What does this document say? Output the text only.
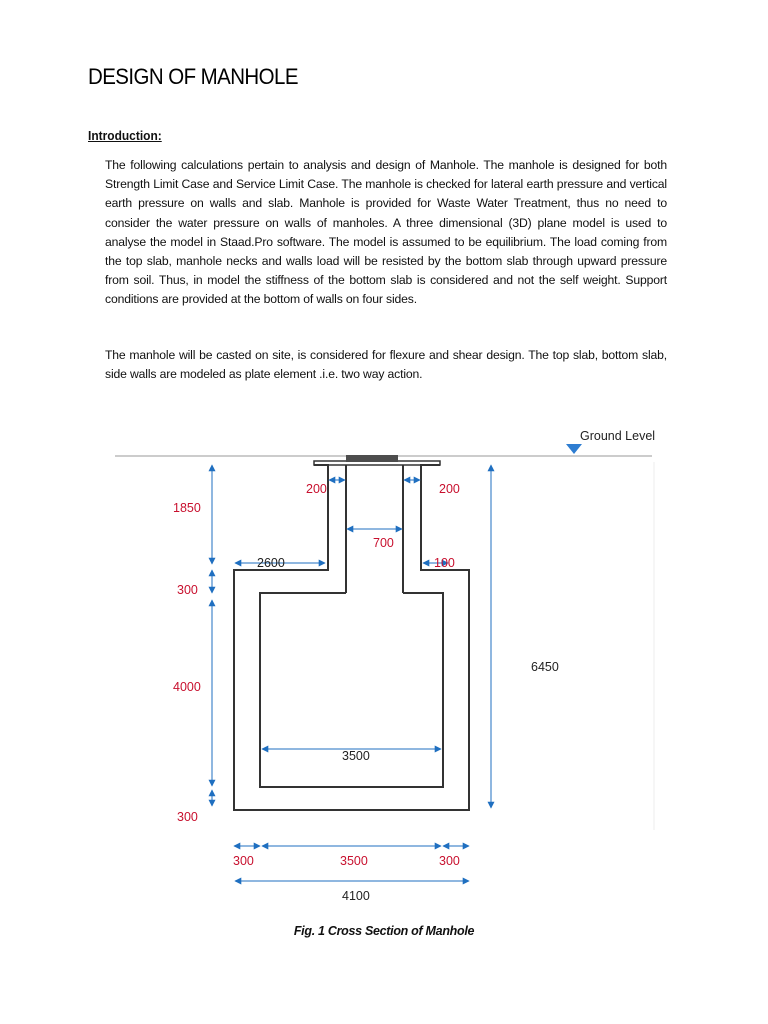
DESIGN OF MANHOLE
Introduction:

The following calculations pertain to analysis and design of Manhole. The manhole is designed for both Strength Limit Case and Service Limit Case. The manhole is checked for lateral earth pressure and vertical earth pressure on walls and slab. Manhole is provided for Waste Water Treatment, thus no need to consider the water pressure on walls of manholes. A three dimensional (3D) plane model is used to analyse the model in Staad.Pro software. The model is assumed to be equilibrium. The load coming from the top slab, manhole necks and walls load will be resisted by the bottom slab through upward pressure from soil. Thus, in model the stiffness of the bottom slab is considered and not the self weight. Support conditions are provided at the bottom of walls on four sides.

The manhole will be casted on site, is considered for flexure and shear design. The top slab, bottom slab, side walls are modeled as plate element .i.e. two way action.

Ground Level
1850
300
4000
300
200	200
700
2600	100
6450
3500
300	3500	300
4100

Fig. 1 Cross Section of Manhole
